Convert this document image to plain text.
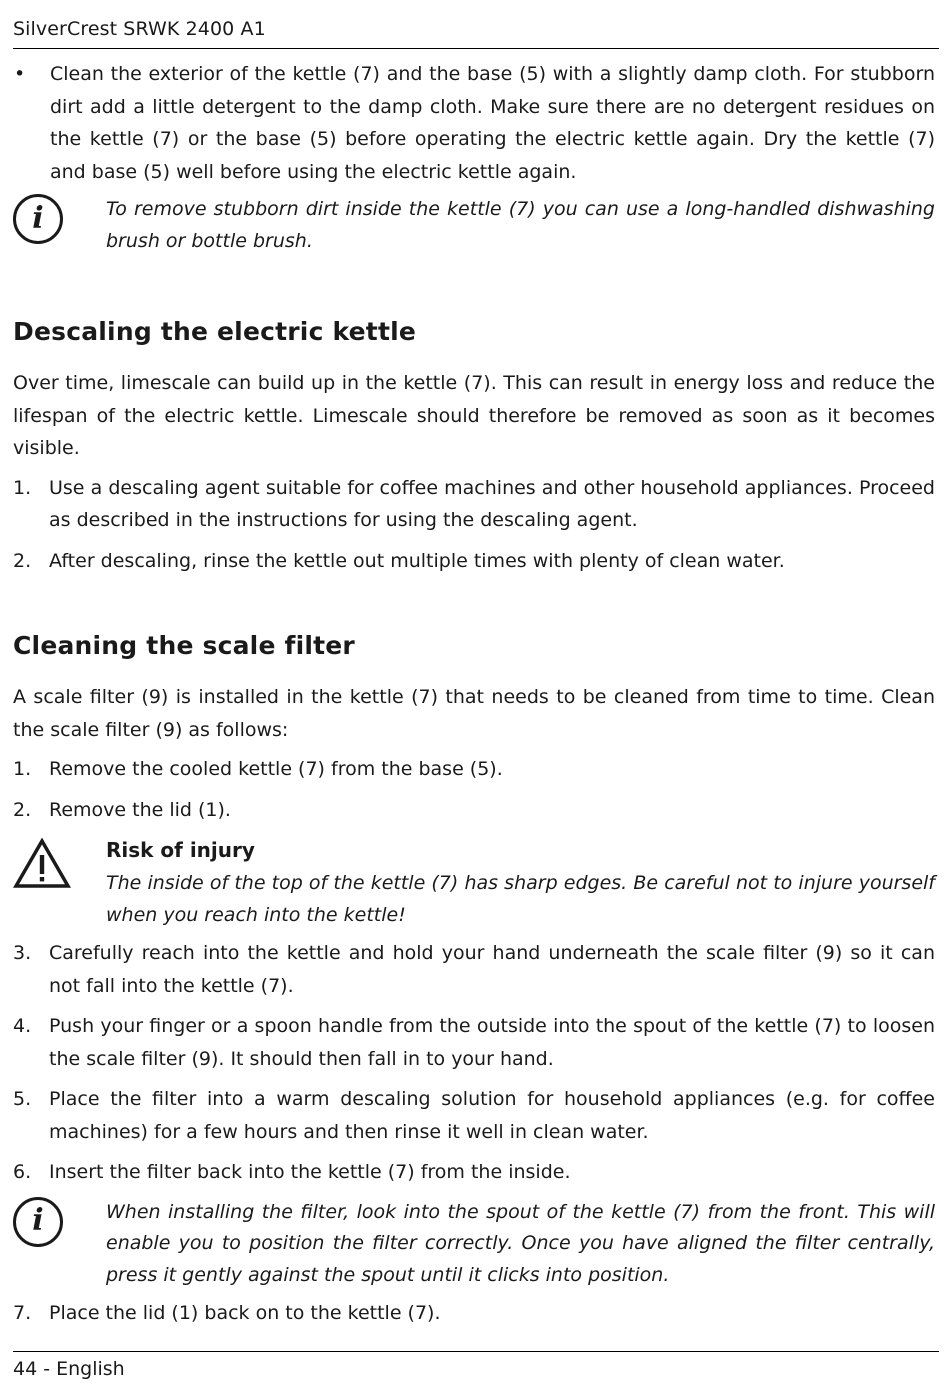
SilverCrest SRWK 2400 A1
•	Clean the exterior of the kettle (7) and the base (5) with a slightly damp cloth. For stubborn dirt add a little detergent to the damp cloth. Make sure there are no detergent residues on the kettle (7) or the base (5) before operating the electric kettle again. Dry the kettle (7) and base (5) well before using the electric kettle again.
i	To remove stubborn dirt inside the kettle (7) you can use a long-handled dishwashing brush or bottle brush.
Descaling the electric kettle

Over time, limescale can build up in the kettle (7). This can result in energy loss and reduce the lifespan of the electric kettle. Limescale should therefore be removed as soon as it becomes visible.

1. Use a descaling agent suitable for coffee machines and other household appliances. Proceed as described in the instructions for using the descaling agent.
2. After descaling, rinse the kettle out multiple times with plenty of clean water.
Cleaning the scale filter

A scale filter (9) is installed in the kettle (7) that needs to be cleaned from time to time. Clean the scale filter (9) as follows:

1. Remove the cooled kettle (7) from the base (5).
2. Remove the lid (1).
Risk of injury
The inside of the top of the kettle (7) has sharp edges. Be careful not to injure yourself when you reach into the kettle!
3. Carefully reach into the kettle and hold your hand underneath the scale filter (9) so it can not fall into the kettle (7).
4. Push your finger or a spoon handle from the outside into the spout of the kettle (7) to loosen the scale filter (9). It should then fall in to your hand.
5. Place the filter into a warm descaling solution for household appliances (e.g. for coffee machines) for a few hours and then rinse it well in clean water.
6. Insert the filter back into the kettle (7) from the inside.
i	When installing the filter, look into the spout of the kettle (7) from the front. This will enable you to position the filter correctly. Once you have aligned the filter centrally, press it gently against the spout until it clicks into position.
7. Place the lid (1) back on to the kettle (7).
44 - English
